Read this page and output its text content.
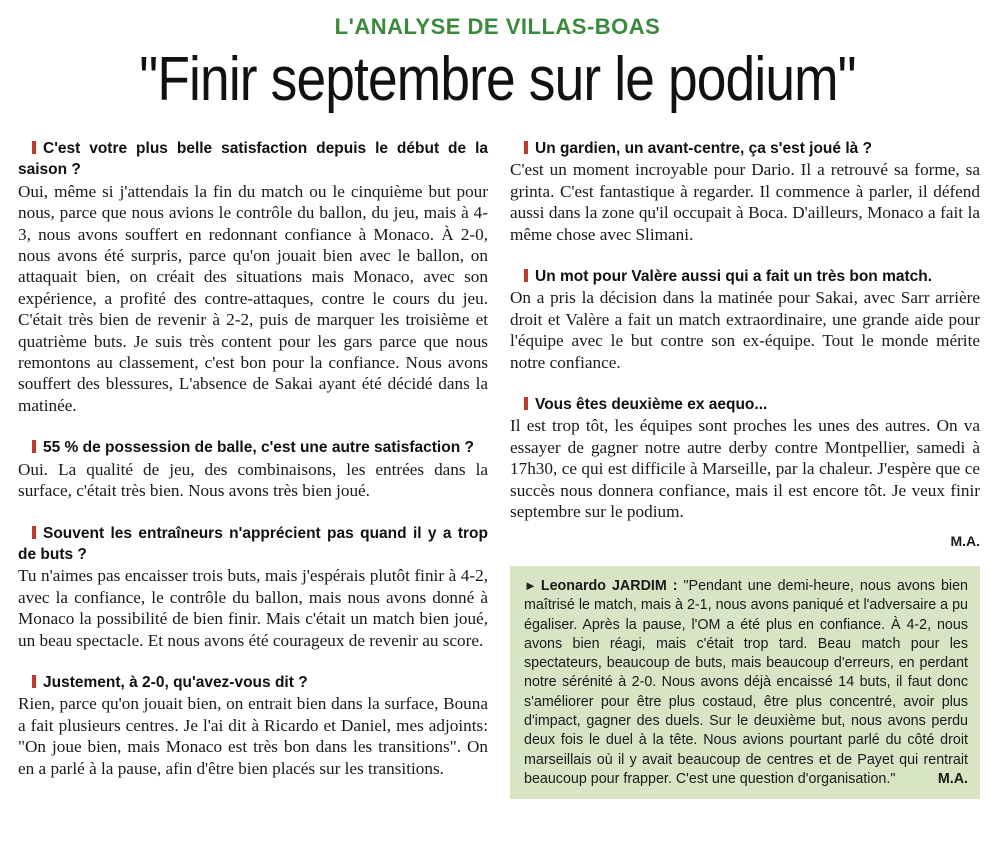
L'ANALYSE DE VILLAS-BOAS
"Finir septembre sur le podium"
C'est votre plus belle satisfaction depuis le début de la saison ?
Oui, même si j'attendais la fin du match ou le cinquième but pour nous, parce que nous avions le contrôle du ballon, du jeu, mais à 4-3, nous avons souffert en redonnant confiance à Monaco. À 2-0, nous avons été surpris, parce qu'on jouait bien avec le ballon, on attaquait bien, on créait des situations mais Monaco, avec son expérience, a profité des contre-attaques, contre le cours du jeu. C'était très bien de revenir à 2-2, puis de marquer les troisième et quatrième buts. Je suis très content pour les gars parce que nous remontons au classement, c'est bon pour la confiance. Nous avons souffert des blessures, L'absence de Sakai ayant été décidé dans la matinée.
55 % de possession de balle, c'est une autre satisfaction ?
Oui. La qualité de jeu, des combinaisons, les entrées dans la surface, c'était très bien. Nous avons très bien joué.
Souvent les entraîneurs n'apprécient pas quand il y a trop de buts ?
Tu n'aimes pas encaisser trois buts, mais j'espérais plutôt finir à 4-2, avec la confiance, le contrôle du ballon, mais nous avons donné à Monaco la possibilité de bien finir. Mais c'était un match bien joué, un beau spectacle. Et nous avons été courageux de revenir au score.
Justement, à 2-0, qu'avez-vous dit ?
Rien, parce qu'on jouait bien, on entrait bien dans la surface, Bouna a fait plusieurs centres. Je l'ai dit à Ricardo et Daniel, mes adjoints: "On joue bien, mais Monaco est très bon dans les transitions". On en a parlé à la pause, afin d'être bien placés sur les transitions.
Un gardien, un avant-centre, ça s'est joué là ?
C'est un moment incroyable pour Dario. Il a retrouvé sa forme, sa grinta. C'est fantastique à regarder. Il commence à parler, il défend aussi dans la zone qu'il occupait à Boca. D'ailleurs, Monaco a fait la même chose avec Slimani.
Un mot pour Valère aussi qui a fait un très bon match.
On a pris la décision dans la matinée pour Sakai, avec Sarr arrière droit et Valère a fait un match extraordinaire, une grande aide pour l'équipe avec le but contre son ex-équipe. Tout le monde mérite notre confiance.
Vous êtes deuxième ex aequo...
Il est trop tôt, les équipes sont proches les unes des autres. On va essayer de gagner notre autre derby contre Montpellier, samedi à 17h30, ce qui est difficile à Marseille, par la chaleur. J'espère que ce succès nous donnera confiance, mais il est encore tôt. Je veux finir septembre sur le podium.
M.A.
► Leonardo JARDIM : "Pendant une demi-heure, nous avons bien maîtrisé le match, mais à 2-1, nous avons paniqué et l'adversaire a pu égaliser. Après la pause, l'OM a été plus en confiance. À 4-2, nous avons bien réagi, mais c'était trop tard. Beau match pour les spectateurs, beaucoup de buts, mais beaucoup d'erreurs, en perdant notre sérénité à 2-0. Nous avons déjà encaissé 14 buts, il faut donc s'améliorer pour être plus costaud, être plus concentré, avoir plus d'impact, gagner des duels. Sur le deuxième but, nous avons perdu deux fois le duel à la tête. Nous avions pourtant parlé du côté droit marseillais où il y avait beaucoup de centres et de Payet qui rentrait beaucoup pour frapper. C'est une question d'organisation."	M.A.
